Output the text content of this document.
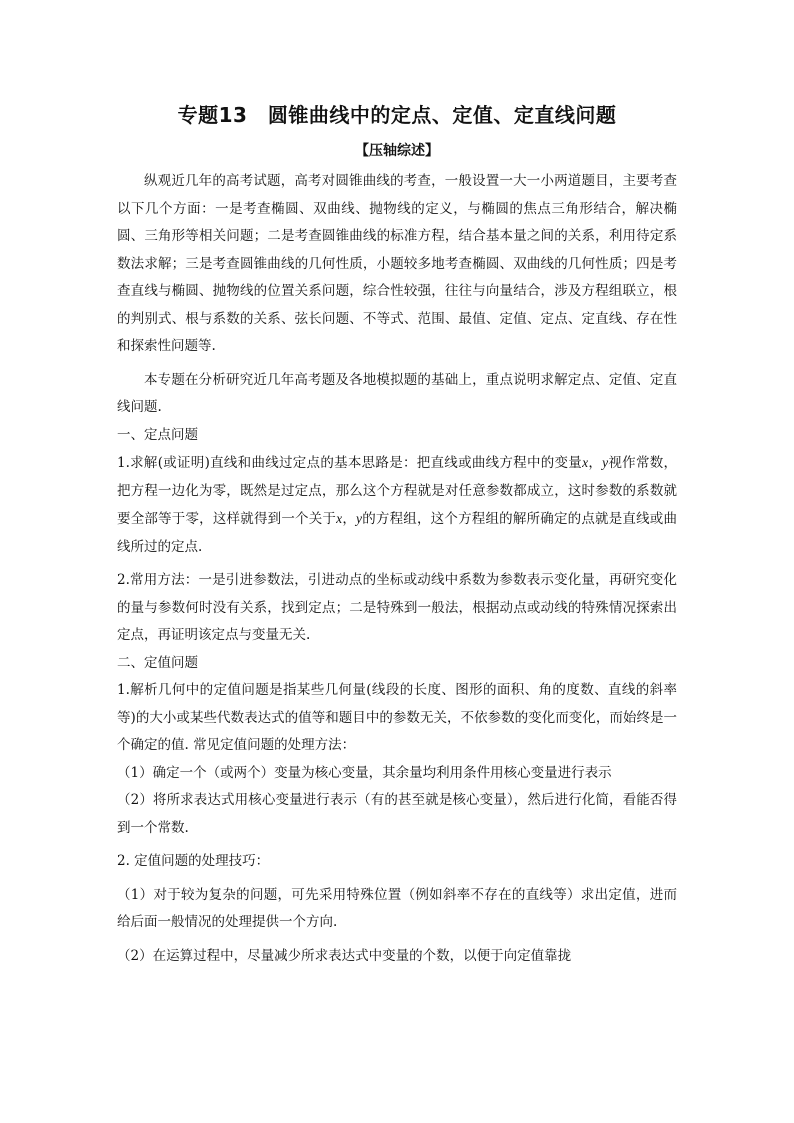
专题13　圆锥曲线中的定点、定值、定直线问题
【压轴综述】

纵观近几年的高考试题，高考对圆锥曲线的考查，一般设置一大一小两道题目，主要考查以下几个方面：一是考查椭圆、双曲线、抛物线的定义，与椭圆的焦点三角形结合，解决椭圆、三角形等相关问题；二是考查圆锥曲线的标准方程，结合基本量之间的关系，利用待定系数法求解；三是考查圆锥曲线的几何性质，小题较多地考查椭圆、双曲线的几何性质；四是考查直线与椭圆、抛物线的位置关系问题，综合性较强，往往与向量结合，涉及方程组联立，根的判别式、根与系数的关系、弦长问题、不等式、范围、最值、定值、定点、定直线、存在性和探索性问题等.

本专题在分析研究近几年高考题及各地模拟题的基础上，重点说明求解定点、定值、定直线问题.

一、定点问题

1.求解(或证明)直线和曲线过定点的基本思路是：把直线或曲线方程中的变量x，y视作常数，把方程一边化为零，既然是过定点，那么这个方程就是对任意参数都成立，这时参数的系数就要全部等于零，这样就得到一个关于x，y的方程组，这个方程组的解所确定的点就是直线或曲线所过的定点.

2.常用方法：一是引进参数法，引进动点的坐标或动线中系数为参数表示变化量，再研究变化的量与参数何时没有关系，找到定点；二是特殊到一般法，根据动点或动线的特殊情况探索出定点，再证明该定点与变量无关.

二、定值问题

1.解析几何中的定值问题是指某些几何量(线段的长度、图形的面积、角的度数、直线的斜率等)的大小或某些代数表达式的值等和题目中的参数无关，不依参数的变化而变化，而始终是一个确定的值. 常见定值问题的处理方法：

（1）确定一个（或两个）变量为核心变量，其余量均利用条件用核心变量进行表示

（2）将所求表达式用核心变量进行表示（有的甚至就是核心变量），然后进行化简，看能否得到一个常数.

2. 定值问题的处理技巧：

（1）对于较为复杂的问题，可先采用特殊位置（例如斜率不存在的直线等）求出定值，进而给后面一般情况的处理提供一个方向.

（2）在运算过程中，尽量减少所求表达式中变量的个数，以便于向定值靠拢
